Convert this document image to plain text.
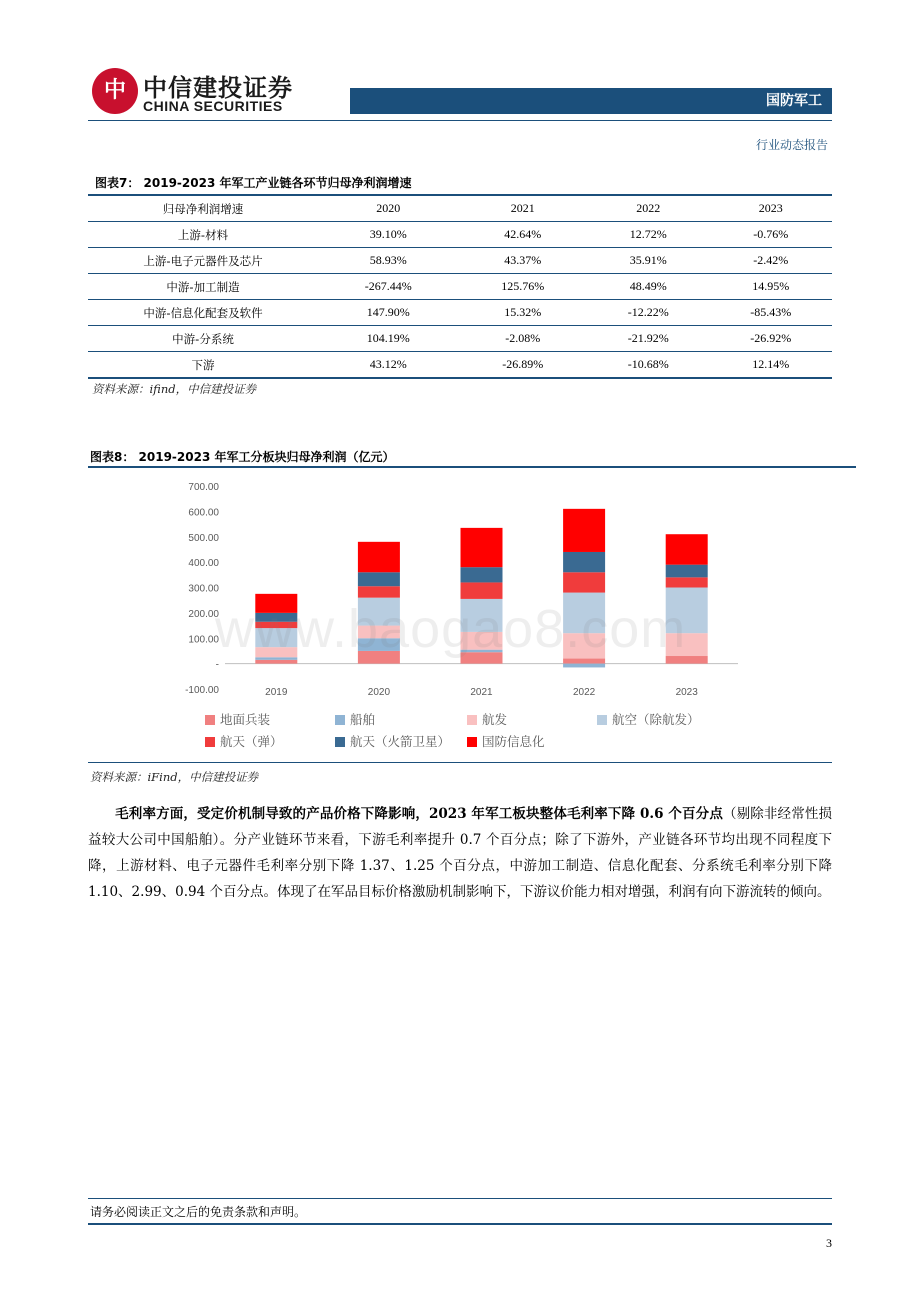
中 中信建投证券
CHINA SECURITIES	国防军工
行业动态报告
图表7： 2019-2023 年军工产业链各环节归母净利润增速
归母净利润增速	2020	2021	2022	2023
上游-材料	39.10%	42.64%	12.72%	-0.76%
上游-电子元器件及芯片	58.93%	43.37%	35.91%	-2.42%
中游-加工制造	-267.44%	125.76%	48.49%	14.95%
中游-信息化配套及软件	147.90%	15.32%	-12.22%	-85.43%
中游-分系统	104.19%	-2.08%	-21.92%	-26.92%
下游	43.12%	-26.89%	-10.68%	12.14%
资料来源：ifind，中信建投证券
图表8： 2019-2023 年军工分板块归母净利润（亿元）
700.00
600.00
500.00
400.00
300.00
200.00
100.00
-
-100.00	2019	2020	2021	2022	2023
www.baogao8.com
地面兵装	船舶	航发	航空（除航发）
航天（弹）	航天（火箭卫星）	国防信息化
资料来源：iFind，中信建投证券
毛利率方面，受定价机制导致的产品价格下降影响，2023 年军工板块整体毛利率下降 0.6 个百分点（剔除非经常性损益较大公司中国船舶）。分产业链环节来看，下游毛利率提升 0.7 个百分点；除了下游外，产业链各环节均出现不同程度下降，上游材料、电子元器件毛利率分别下降 1.37、1.25 个百分点，中游加工制造、信息化配套、分系统毛利率分别下降 1.10、2.99、0.94 个百分点。体现了在军品目标价格激励机制影响下，下游议价能力相对增强，利润有向下游流转的倾向。
请务必阅读正文之后的免责条款和声明。
3
